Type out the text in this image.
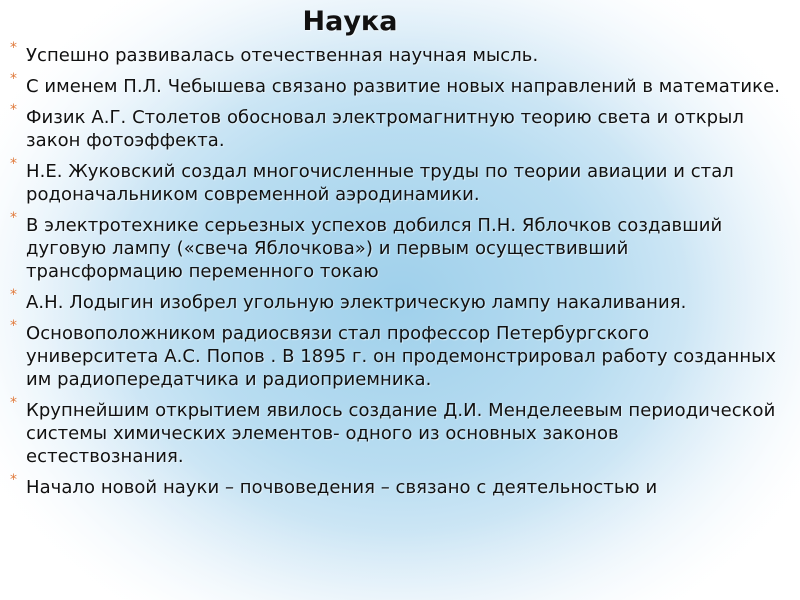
Наука
* Успешно развивалась отечественная научная мысль.
* С именем П.Л. Чебышева связано развитие новых направлений в математике.
* Физик А.Г. Столетов обосновал электромагнитную теорию света и открыл закон фотоэффекта.
* Н.Е. Жуковский создал многочисленные труды по теории авиации и стал родоначальником современной аэродинамики.
* В электротехнике серьезных успехов добился П.Н. Яблочков создавший дуговую лампу («свеча Яблочкова») и первым осуществивший трансформацию переменного токаю
* А.Н. Лодыгин изобрел угольную электрическую лампу накаливания.
* Основоположником радиосвязи стал профессор Петербургского университета А.С. Попов . В 1895 г. он продемонстрировал работу созданных им радиопередатчика и радиоприемника.
* Крупнейшим открытием явилось создание Д.И. Менделеевым периодической системы химических элементов- одного из основных законов естествознания.
* Начало новой науки – почвоведения – связано с деятельностью и
